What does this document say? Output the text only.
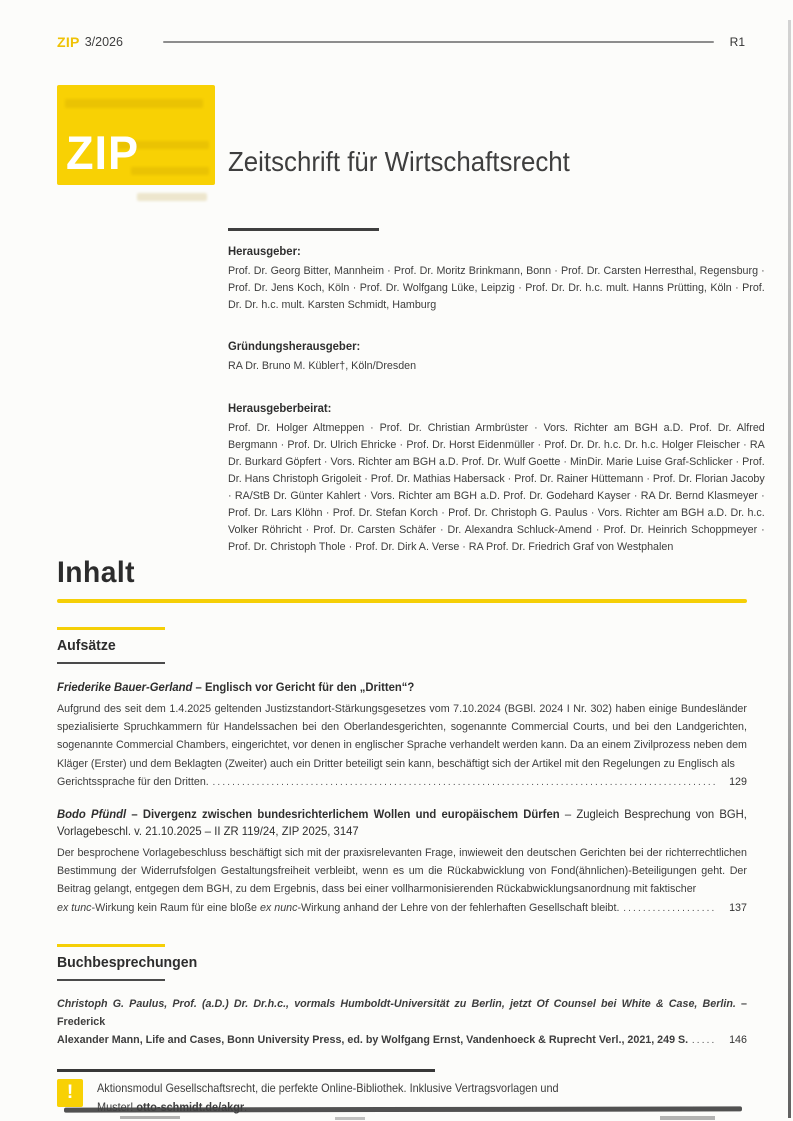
ZIP 3/2026	R1
ZIP	Zeitschrift für Wirtschaftsrecht
Herausgeber:
Prof. Dr. Georg Bitter, Mannheim · Prof. Dr. Moritz Brinkmann, Bonn · Prof. Dr. Carsten Herresthal, Regensburg · Prof. Dr. Jens Koch, Köln · Prof. Dr. Wolfgang Lüke, Leipzig · Prof. Dr. Dr. h.c. mult. Hanns Prütting, Köln · Prof. Dr. Dr. h.c. mult. Karsten Schmidt, Hamburg
Gründungsherausgeber:
RA Dr. Bruno M. Kübler†, Köln/Dresden
Herausgeberbeirat:
Prof. Dr. Holger Altmeppen · Prof. Dr. Christian Armbrüster · Vors. Richter am BGH a.D. Prof. Dr. Alfred Bergmann · Prof. Dr. Ulrich Ehricke · Prof. Dr. Horst Eidenmüller · Prof. Dr. Dr. h.c. Dr. h.c. Holger Fleischer · RA Dr. Burkard Göpfert · Vors. Richter am BGH a.D. Prof. Dr. Wulf Goette · MinDir. Marie Luise Graf-Schlicker · Prof. Dr. Hans Christoph Grigoleit · Prof. Dr. Mathias Habersack · Prof. Dr. Rainer Hüttemann · Prof. Dr. Florian Jacoby · RA/StB Dr. Günter Kahlert · Vors. Richter am BGH a.D. Prof. Dr. Godehard Kayser · RA Dr. Bernd Klasmeyer · Prof. Dr. Lars Klöhn · Prof. Dr. Stefan Korch · Prof. Dr. Christoph G. Paulus · Vors. Richter am BGH a.D. Dr. h.c. Volker Röhricht · Prof. Dr. Carsten Schäfer · Dr. Alexandra Schluck-Amend · Prof. Dr. Heinrich Schoppmeyer · Prof. Dr. Christoph Thole · Prof. Dr. Dirk A. Verse · RA Prof. Dr. Friedrich Graf von Westphalen
Inhalt
Aufsätze
Friederike Bauer-Gerland – Englisch vor Gericht für den „Dritten“?
Aufgrund des seit dem 1.4.2025 geltenden Justizstandort-Stärkungsgesetzes vom 7.10.2024 (BGBl. 2024 I Nr. 302) haben einige Bundesländer spezialisierte Spruchkammern für Handelssachen bei den Oberlandesgerichten, sogenannte Commercial Courts, und bei den Landgerichten, sogenannte Commercial Chambers, eingerichtet, vor denen in englischer Sprache verhandelt werden kann. Da an einem Zivilprozess neben dem Kläger (Erster) und dem Beklagten (Zweiter) auch ein Dritter beteiligt sein kann, beschäftigt sich der Artikel mit den Regelungen zu Englisch als
Gerichtssprache für den Dritten. .....	129
Bodo Pfündl – Divergenz zwischen bundesrichterlichem Wollen und europäischem Dürfen – Zugleich Besprechung von BGH, Vorlagebeschl. v. 21.10.2025 – II ZR 119/24, ZIP 2025, 3147
Der besprochene Vorlagebeschluss beschäftigt sich mit der praxisrelevanten Frage, inwieweit den deutschen Gerichten bei der richterrechtlichen Bestimmung der Widerrufsfolgen Gestaltungsfreiheit verbleibt, wenn es um die Rückabwicklung von Fond(ähnlichen)-Beteiligungen geht. Der Beitrag gelangt, entgegen dem BGH, zu dem Ergebnis, dass bei einer vollharmonisierenden Rückabwicklungsanordnung mit faktischer
ex tunc-Wirkung kein Raum für eine bloße ex nunc-Wirkung anhand der Lehre von der fehlerhaften Gesellschaft bleibt. .....	137
Buchbesprechungen
Christoph G. Paulus, Prof. (a.D.) Dr. Dr.h.c., vormals Humboldt-Universität zu Berlin, jetzt Of Counsel bei White & Case, Berlin. – Frederick
Alexander Mann, Life and Cases, Bonn University Press, ed. by Wolfgang Ernst, Vandenhoeck & Ruprecht Verl., 2021, 249 S. .....	146
!	Aktionsmodul Gesellschaftsrecht, die perfekte Online-Bibliothek. Inklusive Vertragsvorlagen und
